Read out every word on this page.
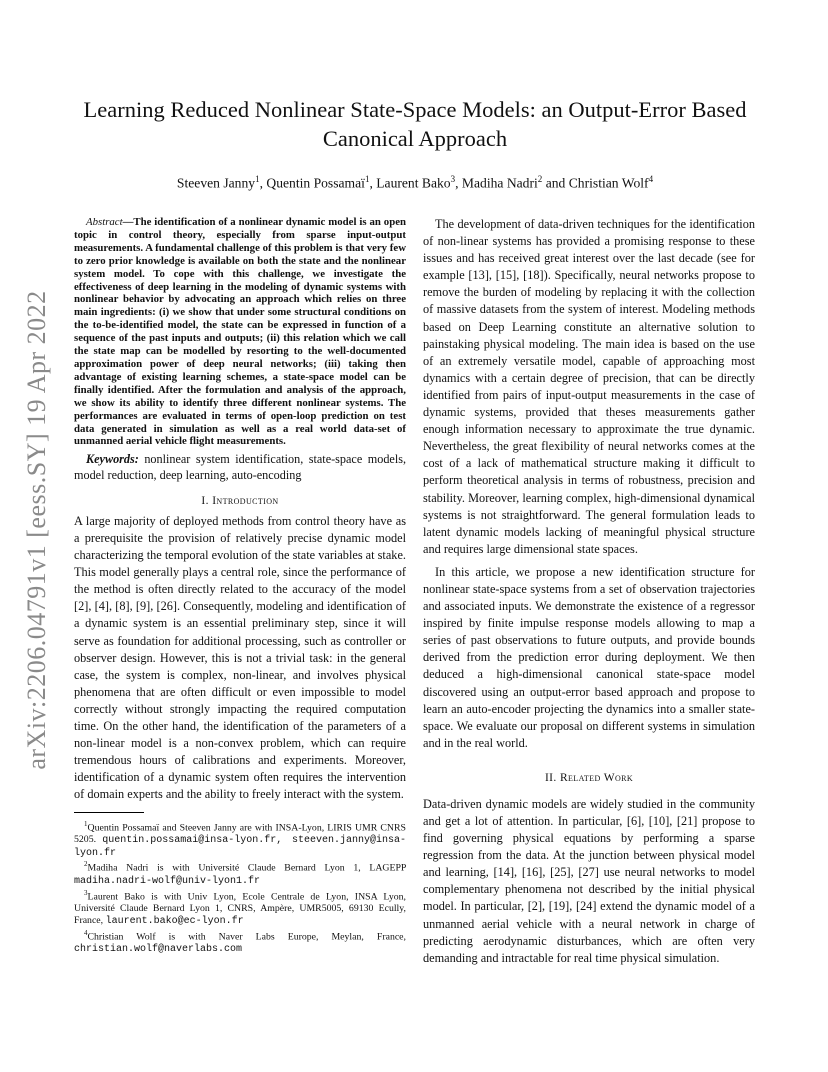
arXiv:2206.04791v1 [eess.SY] 19 Apr 2022
Learning Reduced Nonlinear State-Space Models: an Output-Error Based Canonical Approach
Steeven Janny$^1$, Quentin Possamaï$^1$, Laurent Bako$^3$, Madiha Nadri$^2$ and Christian Wolf$^4$

Abstract—The identification of a nonlinear dynamic model is an open topic in control theory, especially from sparse input-output measurements. A fundamental challenge of this problem is that very few to zero prior knowledge is available on both the state and the nonlinear system model. To cope with this challenge, we investigate the effectiveness of deep learning in the modeling of dynamic systems with nonlinear behavior by advocating an approach which relies on three main ingredients: (i) we show that under some structural conditions on the to-be-identified model, the state can be expressed in function of a sequence of the past inputs and outputs; (ii) this relation which we call the state map can be modelled by resorting to the well-documented approximation power of deep neural networks; (iii) taking then advantage of existing learning schemes, a state-space model can be finally identified. After the formulation and analysis of the approach, we show its ability to identify three different nonlinear systems. The performances are evaluated in terms of open-loop prediction on test data generated in simulation as well as a real world data-set of unmanned aerial vehicle flight measurements.

Keywords: nonlinear system identification, state-space models, model reduction, deep learning, auto-encoding

I. Introduction

A large majority of deployed methods from control theory have as a prerequisite the provision of relatively precise dynamic model characterizing the temporal evolution of the state variables at stake. This model generally plays a central role, since the performance of the method is often directly related to the accuracy of the model [2], [4], [8], [9], [26]. Consequently, modeling and identification of a dynamic system is an essential preliminary step, since it will serve as foundation for additional processing, such as controller or observer design. However, this is not a trivial task: in the general case, the system is complex, non-linear, and involves physical phenomena that are often difficult or even impossible to model correctly without strongly impacting the required computation time. On the other hand, the identification of the parameters of a non-linear model is a non-convex problem, which can require tremendous hours of calibrations and experiments. Moreover, identification of a dynamic system often requires the intervention of domain experts and the ability to freely interact with the system.

$^1$Quentin Possamaï and Steeven Janny are with INSA-Lyon, LIRIS UMR CNRS 5205. quentin.possamai@insa-lyon.fr, steeven.janny@insa-lyon.fr

$^2$Madiha Nadri is with Université Claude Bernard Lyon 1, LAGEPP madiha.nadri-wolf@univ-lyon1.fr

$^3$Laurent Bako is with Univ Lyon, Ecole Centrale de Lyon, INSA Lyon, Université Claude Bernard Lyon 1, CNRS, Ampère, UMR5005, 69130 Ecully, France, laurent.bako@ec-lyon.fr

$^4$Christian Wolf is with Naver Labs Europe, Meylan, France, christian.wolf@naverlabs.com

The development of data-driven techniques for the identification of non-linear systems has provided a promising response to these issues and has received great interest over the last decade (see for example [13], [15], [18]). Specifically, neural networks propose to remove the burden of modeling by replacing it with the collection of massive datasets from the system of interest. Modeling methods based on Deep Learning constitute an alternative solution to painstaking physical modeling. The main idea is based on the use of an extremely versatile model, capable of approaching most dynamics with a certain degree of precision, that can be directly identified from pairs of input-output measurements in the case of dynamic systems, provided that theses measurements gather enough information necessary to approximate the true dynamic. Nevertheless, the great flexibility of neural networks comes at the cost of a lack of mathematical structure making it difficult to perform theoretical analysis in terms of robustness, precision and stability. Moreover, learning complex, high-dimensional dynamical systems is not straightforward. The general formulation leads to latent dynamic models lacking of meaningful physical structure and requires large dimensional state spaces.

In this article, we propose a new identification structure for nonlinear state-space systems from a set of observation trajectories and associated inputs. We demonstrate the existence of a regressor inspired by finite impulse response models allowing to map a series of past observations to future outputs, and provide bounds derived from the prediction error during deployment. We then deduced a high-dimensional canonical state-space model discovered using an output-error based approach and propose to learn an auto-encoder projecting the dynamics into a smaller state-space. We evaluate our proposal on different systems in simulation and in the real world.

II. Related Work

Data-driven dynamic models are widely studied in the community and get a lot of attention. In particular, [6], [10], [21] propose to find governing physical equations by performing a sparse regression from the data. At the junction between physical model and learning, [14], [16], [25], [27] use neural networks to model complementary phenomena not described by the initial physical model. In particular, [2], [19], [24] extend the dynamic model of a unmanned aerial vehicle with a neural network in charge of predicting aerodynamic disturbances, which are often very demanding and intractable for real time physical simulation.
